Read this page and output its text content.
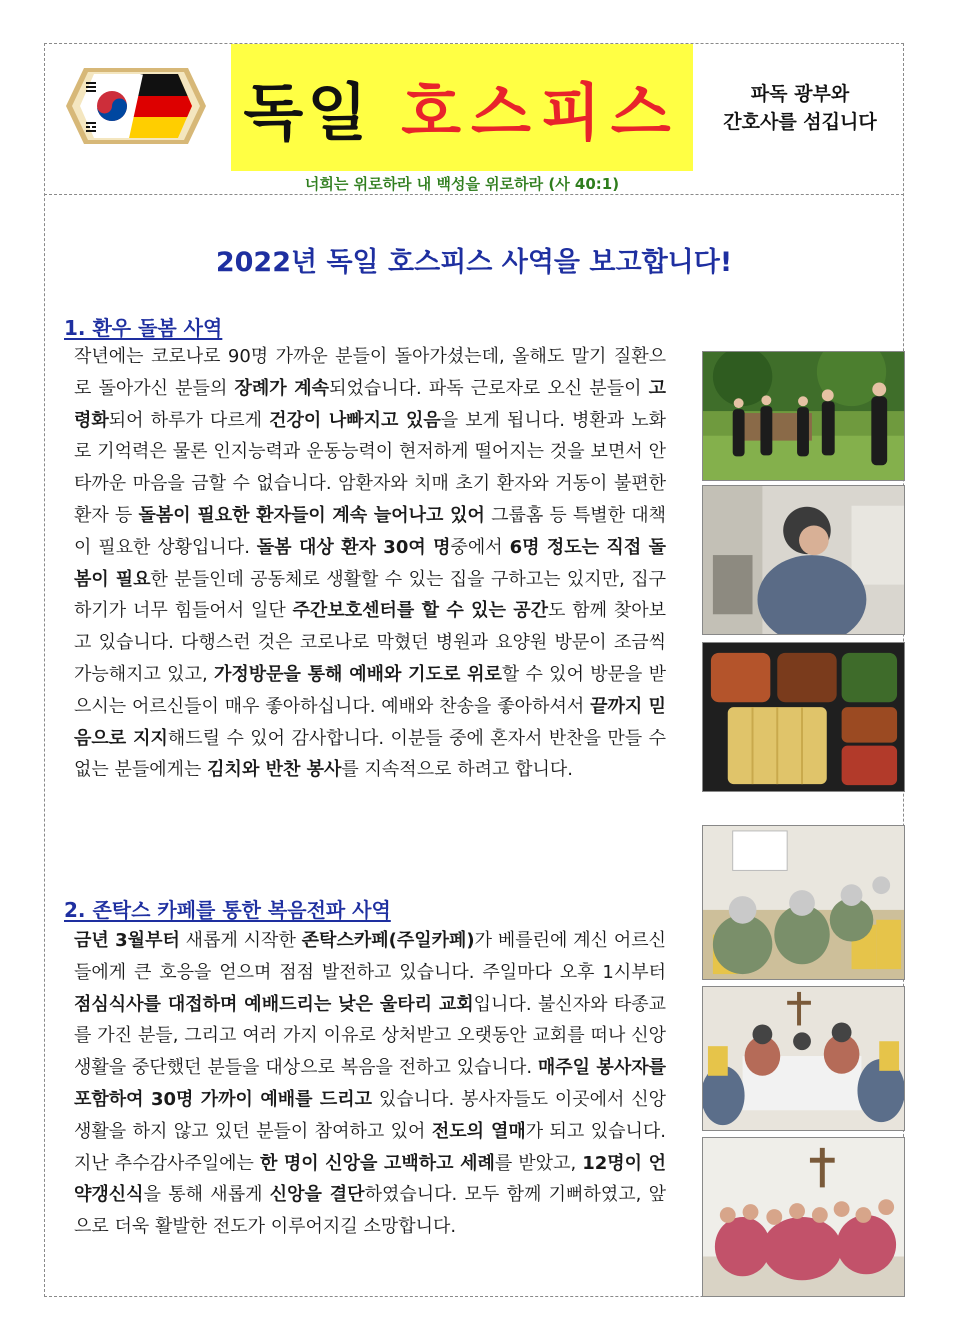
독일 호스피스
너희는 위로하라 내 백성을 위로하라 (사 40:1)
파독 광부와
간호사를 섬깁니다
2022년 독일 호스피스 사역을 보고합니다!
1. 환우 돌봄 사역
작년에는 코로나로 90명 가까운 분들이 돌아가셨는데, 올해도 말기 질환으로 돌아가신 분들의 장례가 계속되었습니다. 파독 근로자로 오신 분들이 고령화되어 하루가 다르게 건강이 나빠지고 있음을 보게 됩니다. 병환과 노화로 기억력은 물론 인지능력과 운동능력이 현저하게 떨어지는 것을 보면서 안타까운 마음을 금할 수 없습니다. 암환자와 치매 초기 환자와 거동이 불편한 환자 등 돌봄이 필요한 환자들이 계속 늘어나고 있어 그룹홈 등 특별한 대책이 필요한 상황입니다. 돌봄 대상 환자 30여 명중에서 6명 정도는 직접 돌봄이 필요한 분들인데 공동체로 생활할 수 있는 집을 구하고는 있지만, 집구하기가 너무 힘들어서 일단 주간보호센터를 할 수 있는 공간도 함께 찾아보고 있습니다. 다행스런 것은 코로나로 막혔던 병원과 요양원 방문이 조금씩 가능해지고 있고, 가정방문을 통해 예배와 기도로 위로할 수 있어 방문을 받으시는 어르신들이 매우 좋아하십니다. 예배와 찬송을 좋아하셔서 끝까지 믿음으로 지지해드릴 수 있어 감사합니다. 이분들 중에 혼자서 반찬을 만들 수 없는 분들에게는 김치와 반찬 봉사를 지속적으로 하려고 합니다.
2. 존탁스 카페를 통한 복음전파 사역
금년 3월부터 새롭게 시작한 존탁스카페(주일카페)가 베를린에 계신 어르신들에게 큰 호응을 얻으며 점점 발전하고 있습니다. 주일마다 오후 1시부터 점심식사를 대접하며 예배드리는 낮은 울타리 교회입니다. 불신자와 타종교를 가진 분들, 그리고 여러 가지 이유로 상처받고 오랫동안 교회를 떠나 신앙생활을 중단했던 분들을 대상으로 복음을 전하고 있습니다. 매주일 봉사자를 포함하여 30명 가까이 예배를 드리고 있습니다. 봉사자들도 이곳에서 신앙생활을 하지 않고 있던 분들이 참여하고 있어 전도의 열매가 되고 있습니다. 지난 추수감사주일에는 한 명이 신앙을 고백하고 세례를 받았고, 12명이 언약갱신식을 통해 새롭게 신앙을 결단하였습니다. 모두 함께 기뻐하였고, 앞으로 더욱 활발한 전도가 이루어지길 소망합니다.
